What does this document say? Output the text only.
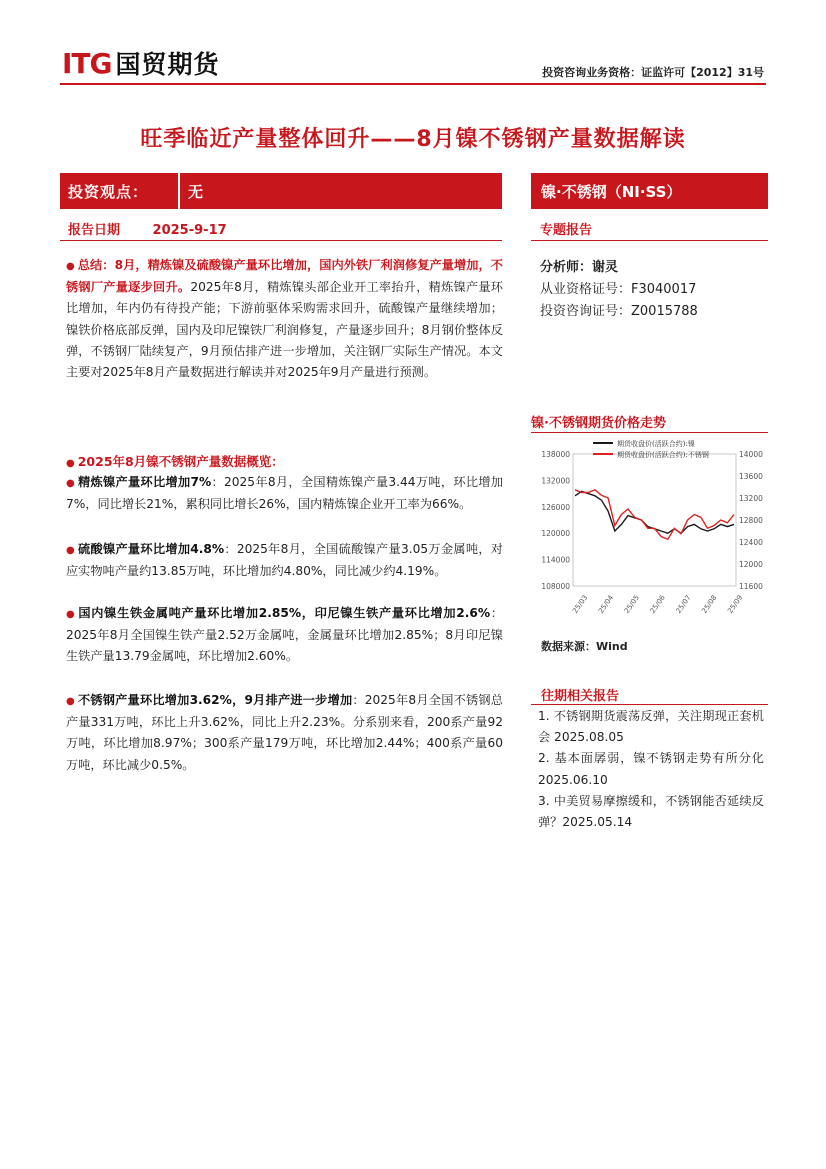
ITG 国贸期货	投资咨询业务资格：证监许可【2012】31号
旺季临近产量整体回升——8月镍不锈钢产量数据解读
投资观点：	无
报告日期	2025-9-17
镍·不锈钢（NI·SS）
专题报告
分析师：谢灵
从业资格证号：F3040017
投资咨询证号：Z0015788
● 总结：8月，精炼镍及硫酸镍产量环比增加，国内外铁厂利润修复产量增加，不锈钢厂产量逐步回升。2025年8月，精炼镍头部企业开工率抬升，精炼镍产量环比增加，年内仍有待投产能；下游前驱体采购需求回升，硫酸镍产量继续增加；镍铁价格底部反弹，国内及印尼镍铁厂利润修复，产量逐步回升；8月钢价整体反弹，不锈钢厂陆续复产，9月预估排产进一步增加，关注钢厂实际生产情况。本文主要对2025年8月产量数据进行解读并对2025年9月产量进行预测。
● 2025年8月镍不锈钢产量数据概览：
● 精炼镍产量环比增加7%：2025年8月，全国精炼镍产量3.44万吨，环比增加7%，同比增长21%，累积同比增长26%，国内精炼镍企业开工率为66%。
● 硫酸镍产量环比增加4.8%：2025年8月，全国硫酸镍产量3.05万金属吨，对应实物吨产量约13.85万吨，环比增加约4.80%，同比减少约4.19%。
● 国内镍生铁金属吨产量环比增加2.85%，印尼镍生铁产量环比增加2.6%：2025年8月全国镍生铁产量2.52万金属吨，金属量环比增加2.85%；8月印尼镍生铁产量13.79金属吨，环比增加2.60%。
● 不锈钢产量环比增加3.62%，9月排产进一步增加：2025年8月全国不锈钢总产量331万吨，环比上升3.62%，同比上升2.23%。分系别来看，200系产量92万吨，环比增加8.97%；300系产量179万吨，环比增加2.44%；400系产量60万吨，环比减少0.5%。
镍·不锈钢期货价格走势
138000
132000
126000
120000
114000
108000
14000
13600
13200
12800
12400
12000
11600
25/03 25/04 25/05 25/06 25/07 25/08 25/09
期货收盘价(活跃合约):镍
期货收盘价(活跃合约):不锈钢
数据来源：Wind
往期相关报告
1. 不锈钢期货震荡反弹，关注期现正套机会 2025.08.05
2. 基本面孱弱，镍不锈钢走势有所分化 2025.06.10
3. 中美贸易摩擦缓和，不锈钢能否延续反弹？2025.05.14
